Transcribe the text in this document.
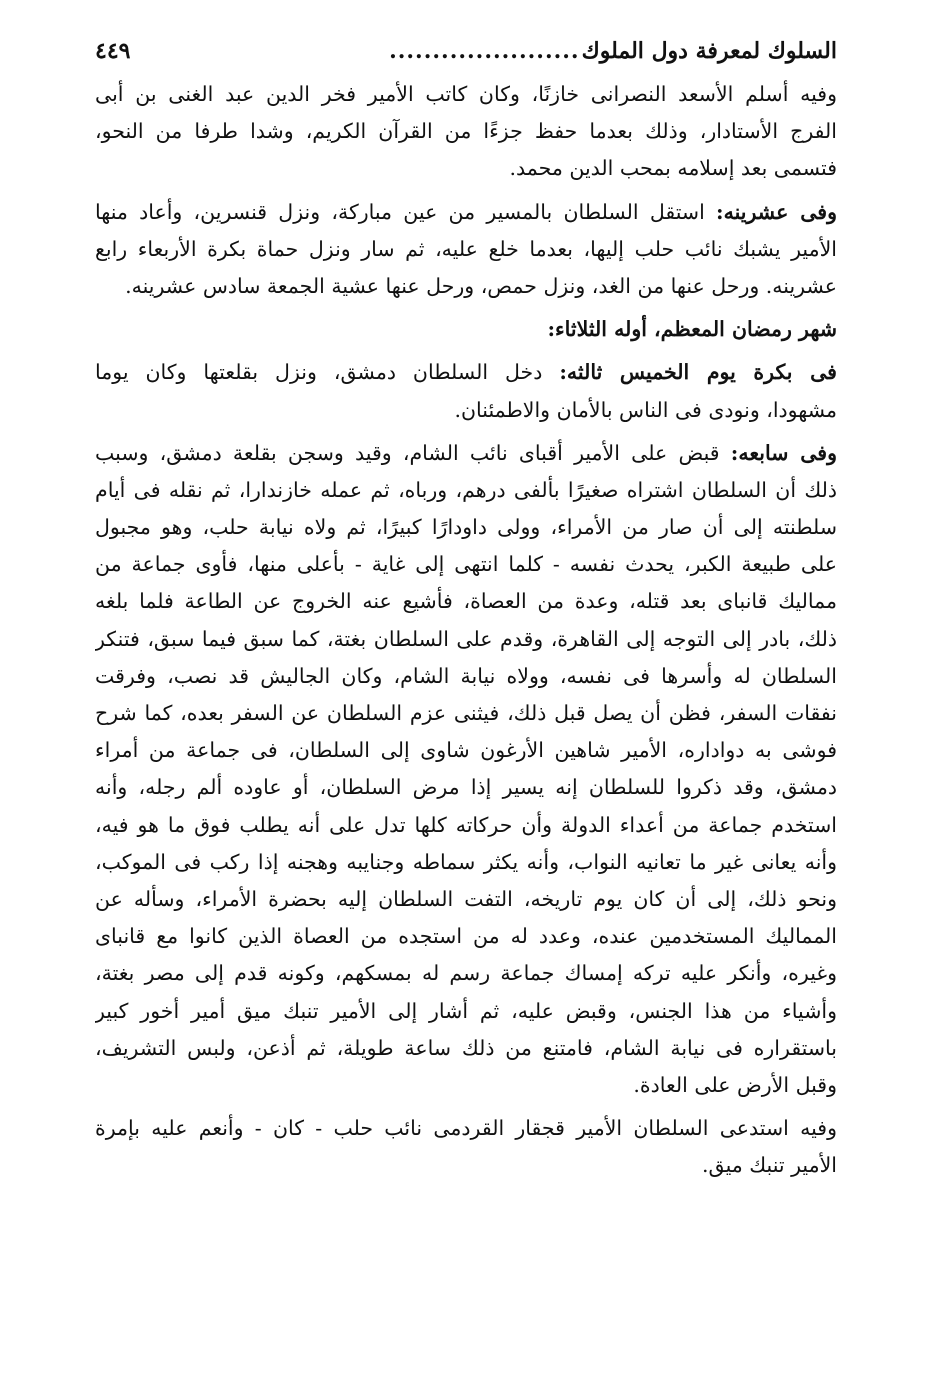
السلوك لمعرفة دول الملوك
......................
٤٤٩
وفيه أسلم الأسعد النصرانى خازنًا، وكان كاتب الأمير فخر الدين عبد الغنى بن أبى
الفرج الأستادار، وذلك بعدما حفظ جزءًا من القرآن الكريم، وشدا طرفا من النحو،
فتسمى بعد إسلامه بمحب الدين محمد.
وفى عشرينه: استقل السلطان بالمسير من عين مباركة، ونزل قنسرين، وأعاد منها
الأمير يشبك نائب حلب إليها، بعدما خلع عليه، ثم سار ونزل حماة بكرة الأربعاء رابع
عشرينه. ورحل عنها من الغد، ونزل حمص، ورحل عنها عشية الجمعة سادس عشرينه.
شهر رمضان المعظم، أوله الثلاثاء:
فى بكرة يوم الخميس ثالثه: دخل السلطان دمشق، ونزل بقلعتها وكان يوما
مشهودا، ونودى فى الناس بالأمان والاطمئنان.
وفى سابعه: قبض على الأمير أقباى نائب الشام، وقيد وسجن بقلعة دمشق، وسبب
ذلك أن السلطان اشتراه صغيرًا بألفى درهم، ورباه، ثم عمله خازندارا، ثم نقله فى أيام
سلطنته إلى أن صار من الأمراء، وولى داودارًا كبيرًا، ثم ولاه نيابة حلب، وهو مجبول
على طبيعة الكبر، يحدث نفسه - كلما انتهى إلى غاية - بأعلى منها، فأوى جماعة من
مماليك قانباى بعد قتله، وعدة من العصاة، فأشيع عنه الخروج عن الطاعة فلما بلغه
ذلك، بادر إلى التوجه إلى القاهرة، وقدم على السلطان بغتة، كما سبق فيما سبق، فتنكر
السلطان له وأسرها فى نفسه، وولاه نيابة الشام، وكان الجاليش قد نصب، وفرقت
نفقات السفر، فظن أن يصل قبل ذلك، فيثنى عزم السلطان عن السفر بعده، كما شرح
فوشى به دواداره، الأمير شاهين الأرغون شاوى إلى السلطان، فى جماعة من أمراء
دمشق، وقد ذكروا للسلطان إنه يسير إذا مرض السلطان، أو عاوده ألم رجله، وأنه
استخدم جماعة من أعداء الدولة وأن حركاته كلها تدل على أنه يطلب فوق ما هو فيه،
وأنه يعانى غير ما تعانيه النواب، وأنه يكثر سماطه وجنايبه وهجنه إذا ركب فى الموكب،
ونحو ذلك، إلى أن كان يوم تاريخه، التفت السلطان إليه بحضرة الأمراء، وسأله عن
المماليك المستخدمين عنده، وعدد له من استجده من العصاة الذين كانوا مع قانباى
وغيره، وأنكر عليه تركه إمساك جماعة رسم له بمسكهم، وكونه قدم إلى مصر بغتة،
وأشياء من هذا الجنس، وقبض عليه، ثم أشار إلى الأمير تنبك ميق أمير أخور كبير
باستقراره فى نيابة الشام، فامتنع من ذلك ساعة طويلة، ثم أذعن، ولبس التشريف،
وقبل الأرض على العادة.
وفيه استدعى السلطان الأمير قجقار القردمى نائب حلب - كان - وأنعم عليه بإمرة
الأمير تنبك ميق.
